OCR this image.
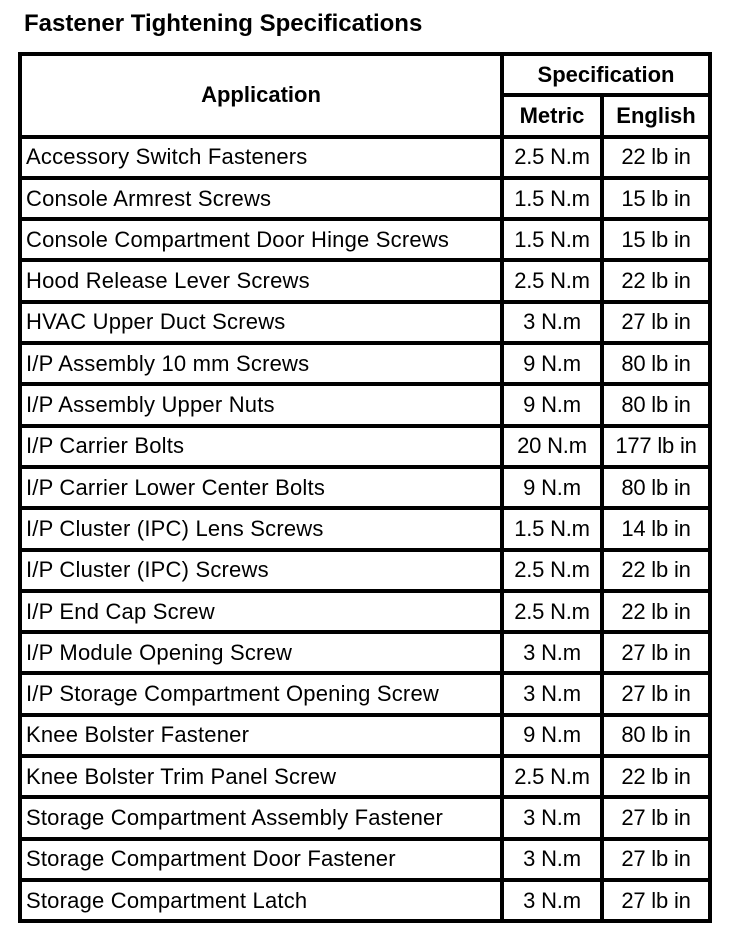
Fastener Tightening Specifications
Application	Specification	
	Metric	English
Accessory Switch Fasteners	2.5 N.m	22 lb in
Console Armrest Screws	1.5 N.m	15 lb in
Console Compartment Door Hinge Screws	1.5 N.m	15 lb in
Hood Release Lever Screws	2.5 N.m	22 lb in
HVAC Upper Duct Screws	3 N.m	27 lb in
I/P Assembly 10 mm Screws	9 N.m	80 lb in
I/P Assembly Upper Nuts	9 N.m	80 lb in
I/P Carrier Bolts	20 N.m	177 lb in
I/P Carrier Lower Center Bolts	9 N.m	80 lb in
I/P Cluster (IPC) Lens Screws	1.5 N.m	14 lb in
I/P Cluster (IPC) Screws	2.5 N.m	22 lb in
I/P End Cap Screw	2.5 N.m	22 lb in
I/P Module Opening Screw	3 N.m	27 lb in
I/P Storage Compartment Opening Screw	3 N.m	27 lb in
Knee Bolster Fastener	9 N.m	80 lb in
Knee Bolster Trim Panel Screw	2.5 N.m	22 lb in
Storage Compartment Assembly Fastener	3 N.m	27 lb in
Storage Compartment Door Fastener	3 N.m	27 lb in
Storage Compartment Latch	3 N.m	27 lb in
